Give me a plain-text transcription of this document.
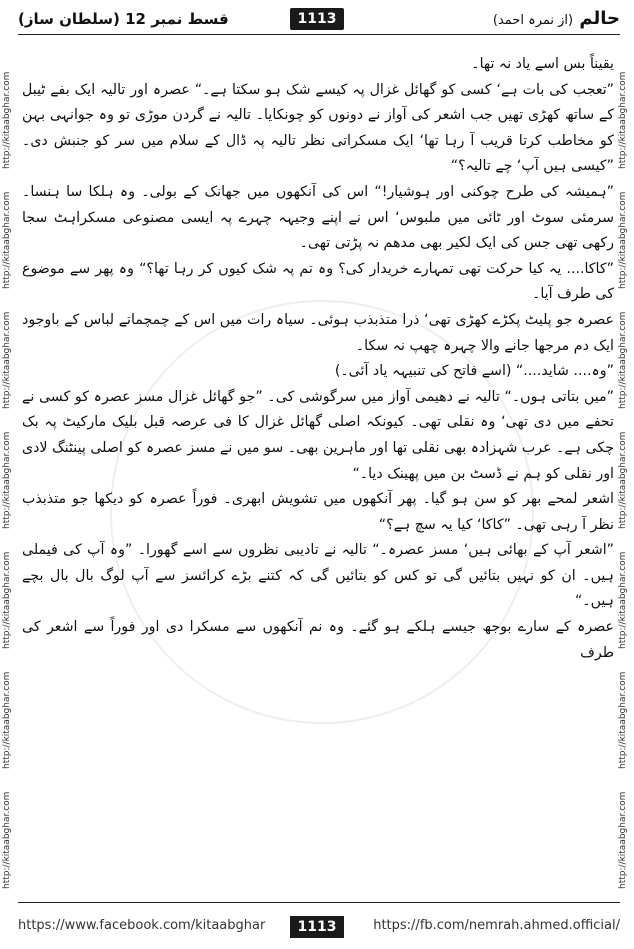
قسط نمبر 12 (سلطان ساز)	1113	حالم (از نمرہ احمد)
http://kitaabghar.com
http://kitaabghar.com
http://kitaabghar.com
http://kitaabghar.com
http://kitaabghar.com
http://kitaabghar.com
http://kitaabghar.com
http://kitaabghar.com
http://kitaabghar.com
http://kitaabghar.com
http://kitaabghar.com
http://kitaabghar.com
http://kitaabghar.com
http://kitaabghar.com

یقیناً بس اسے یاد نہ تھا۔

”تعجب کی بات ہے‘ کسی کو گھائل غزال پہ کیسے شک ہو سکتا ہے۔“ عصرہ اور تالیہ ایک بفے ٹیبل کے ساتھ کھڑی تھیں جب اشعر کی آواز نے دونوں کو چونکایا۔ تالیہ نے گردن موڑی تو وہ جوانہی بہن کو مخاطب کرتا قریب آ رہا تھا‘ ایک مسکراتی نظر تالیہ پہ ڈال کے سلام میں سر کو جنبش دی۔ ”کیسی ہیں آپ‘ چے تالیہ؟“

”ہمیشہ کی طرح چوکنی اور ہوشیار!“ اس کی آنکھوں میں جھانک کے بولی۔ وہ ہلکا سا ہنسا۔ سرمئی سوٹ اور ٹائی میں ملبوس‘ اس نے اپنے وجیہہ چہرے پہ ایسی مصنوعی مسکراہٹ سجا رکھی تھی جس کی ایک لکیر بھی مدھم نہ پڑتی تھی۔

”کاکا.... یہ کیا حرکت تھی تمہارے خریدار کی؟ وہ تم پہ شک کیوں کر رہا تھا؟“ وہ پھر سے موضوع کی طرف آیا۔

عصرہ جو پلیٹ پکڑے کھڑی تھی‘ ذرا متذبذب ہوئی۔ سیاہ رات میں اس کے چمچماتے لباس کے باوجود ایک دم مرجھا جانے والا چہرہ چھپ نہ سکا۔

”وہ.... شاید....“ (اسے فاتح کی تنبیہہ یاد آئی۔)

”میں بتاتی ہوں۔“ تالیہ نے دھیمی آواز میں سرگوشی کی۔ ”جو گھائل غزال مسز عصرہ کو کسی نے تحفے میں دی تھی‘ وہ نقلی تھی۔ کیونکہ اصلی گھائل غزال کا فی عرصہ قبل بلیک مارکیٹ پہ بک چکی ہے۔ عرب شہزادہ بھی نقلی تھا اور ماہرین بھی۔ سو میں نے مسز عصرہ کو اصلی پینٹنگ لادی اور نقلی کو ہم نے ڈسٹ بن میں پھینک دیا۔“

اشعر لمحے بھر کو سن ہو گیا۔ پھر آنکھوں میں تشویش ابھری۔ فوراً عصرہ کو دیکھا جو متذبذب نظر آ رہی تھی۔ ”کاکا‘ کیا یہ سچ ہے؟“

”اشعر آپ کے بھائی ہیں‘ مسز عصرہ۔“ تالیہ نے تادیبی نظروں سے اسے گھورا۔ ”وہ آپ کی فیملی ہیں۔ ان کو نہیں بتائیں گی تو کس کو بتائیں گی کہ کتنے بڑے کرائسز سے آپ لوگ بال بال بچے ہیں۔“

عصرہ کے سارے بوجھ جیسے ہلکے ہو گئے۔ وہ نم آنکھوں سے مسکرا دی اور فوراً سے اشعر کی طرف

https://www.facebook.com/kitaabghar	1113	https://fb.com/nemrah.ahmed.official/
